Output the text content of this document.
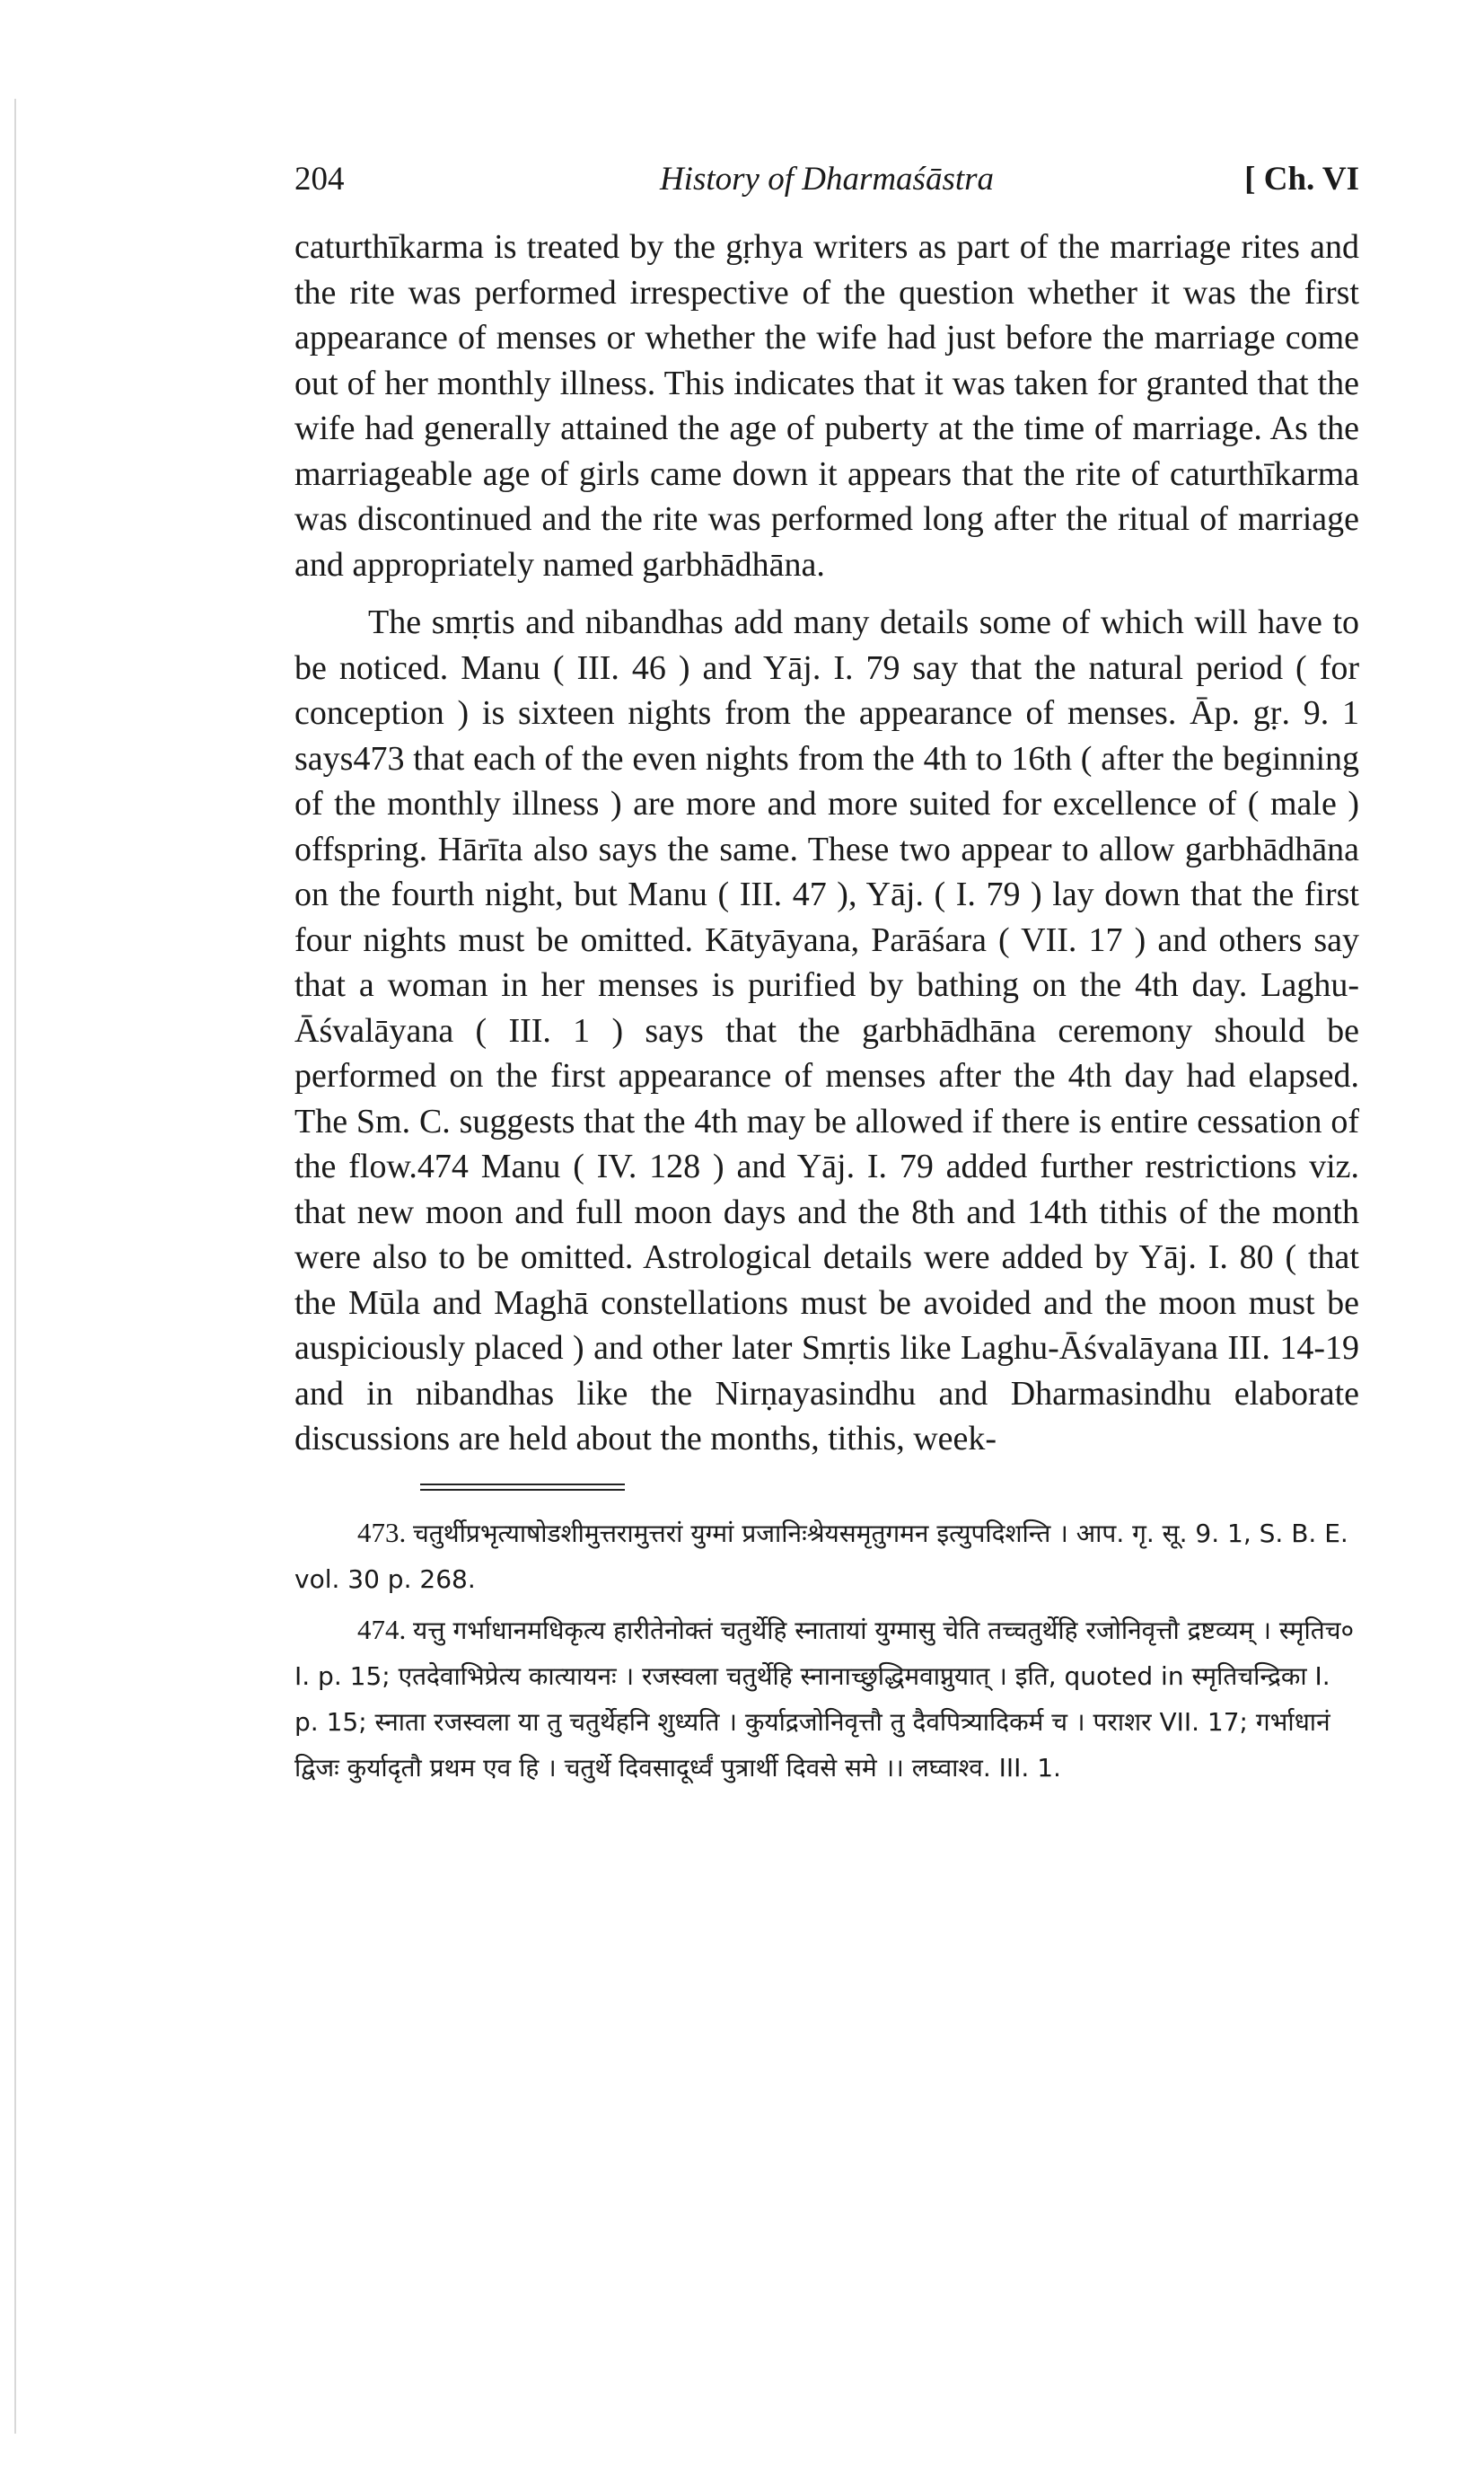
204	History of Dharmaśāstra	[ Ch. VI

caturthīkarma is treated by the gṛhya writers as part of the marriage rites and the rite was performed irrespective of the question whether it was the first appearance of menses or whether the wife had just before the marriage come out of her monthly illness. This indicates that it was taken for granted that the wife had generally attained the age of puberty at the time of marriage. As the marriageable age of girls came down it appears that the rite of caturthīkarma was discontinued and the rite was performed long after the ritual of marriage and appropriately named garbhādhāna.

The smṛtis and nibandhas add many details some of which will have to be noticed. Manu ( III. 46 ) and Yāj. I. 79 say that the natural period ( for conception ) is sixteen nights from the appearance of menses. Āp. gṛ. 9. 1 says473 that each of the even nights from the 4th to 16th ( after the beginning of the monthly illness ) are more and more suited for excellence of ( male ) offspring. Hārīta also says the same. These two appear to allow garbhādhāna on the fourth night, but Manu ( III. 47 ), Yāj. ( I. 79 ) lay down that the first four nights must be omitted. Kātyāyana, Parāśara ( VII. 17 ) and others say that a woman in her menses is purified by bathing on the 4th day. Laghu-Āśvalāyana ( III. 1 ) says that the garbhādhāna ceremony should be performed on the first appearance of menses after the 4th day had elapsed. The Sm. C. suggests that the 4th may be allowed if there is entire cessation of the flow.474 Manu ( IV. 128 ) and Yāj. I. 79 added further restrictions viz. that new moon and full moon days and the 8th and 14th tithis of the month were also to be omitted. Astrological details were added by Yāj. I. 80 ( that the Mūla and Maghā constellations must be avoided and the moon must be auspiciously placed ) and other later Smṛtis like Laghu-Āśvalāyana III. 14-19 and in nibandhas like the Nirṇayasindhu and Dharmasindhu elaborate discussions are held about the months, tithis, week-

473. चतुर्थीप्रभृत्याषोडशीमुत्तरामुत्तरां युग्मां प्रजानिःश्रेयसमृतुगमन इत्युपदिशन्ति । आप. गृ. सू. 9. 1, S. B. E. vol. 30 p. 268.

474. यत्तु गर्भाधानमधिकृत्य हारीतेनोक्तं चतुर्थेहि स्नातायां युग्मासु चेति तच्चतुर्थेहि रजोनिवृत्तौ द्रष्टव्यम् । स्मृतिच० I. p. 15; एतदेवाभिप्रेत्य कात्यायनः । रजस्वला चतुर्थेहि स्नानाच्छुद्धिमवाप्नुयात् । इति, quoted in स्मृतिचन्द्रिका I. p. 15; स्नाता रजस्वला या तु चतुर्थेहनि शुध्यति । कुर्याद्रजोनिवृत्तौ तु दैवपित्र्यादिकर्म च । पराशर VII. 17; गर्भाधानं द्विजः कुर्यादृतौ प्रथम एव हि । चतुर्थे दिवसादूर्ध्वं पुत्रार्थी दिवसे समे ।। लघ्वाश्व. III. 1.
